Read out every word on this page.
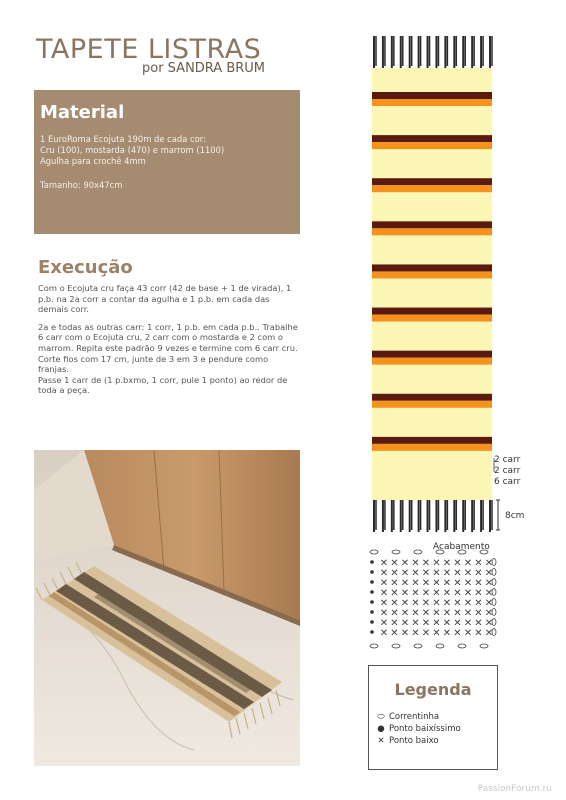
TAPETE LISTRAS
por SANDRA BRUM
Material
1 EuroRoma Ecojuta 190m de cada cor:
Cru (100), mostarda (470) e marrom (1100)
Agulha para crochê 4mm
Tamanho: 90x47cm
Execução

Com o Ecojuta cru faça 43 corr (42 de base + 1 de virada), 1 p.b. na 2a corr a contar da agulha e 1 p.b. em cada das demais corr.

2a e todas as outras carr: 1 corr, 1 p.b. em cada p.b.. Trabalhe 6 carr com o Ecojuta cru, 2 carr com o mostarda e 2 com o marrom. Repita este padrão 9 vezes e termine com 6 carr cru.

Corte fios com 17 cm, junte de 3 em 3 e pendure como franjas.

Passe 1 carr de (1 p.bxmo, 1 corr, pule 1 ponto) ao redor de toda a peça.

2 carr
2 carr
6 carr
8cm
Acabamento
✕ ✕ ✕ ✕ ✕ ✕ ✕ ✕ ✕ ✕ ✕
✕ ✕ ✕ ✕ ✕ ✕ ✕ ✕ ✕ ✕ ✕
✕ ✕ ✕ ✕ ✕ ✕ ✕ ✕ ✕ ✕ ✕
✕ ✕ ✕ ✕ ✕ ✕ ✕ ✕ ✕ ✕ ✕
✕ ✕ ✕ ✕ ✕ ✕ ✕ ✕ ✕ ✕ ✕
✕ ✕ ✕ ✕ ✕ ✕ ✕ ✕ ✕ ✕ ✕
✕ ✕ ✕ ✕ ✕ ✕ ✕ ✕ ✕ ✕ ✕
✕ ✕ ✕ ✕ ✕ ✕ ✕ ✕ ✕ ✕ ✕
Legenda
⬭ Correntinha
● Ponto baixíssimo
✕ Ponto baixo
PassionForum.ru
